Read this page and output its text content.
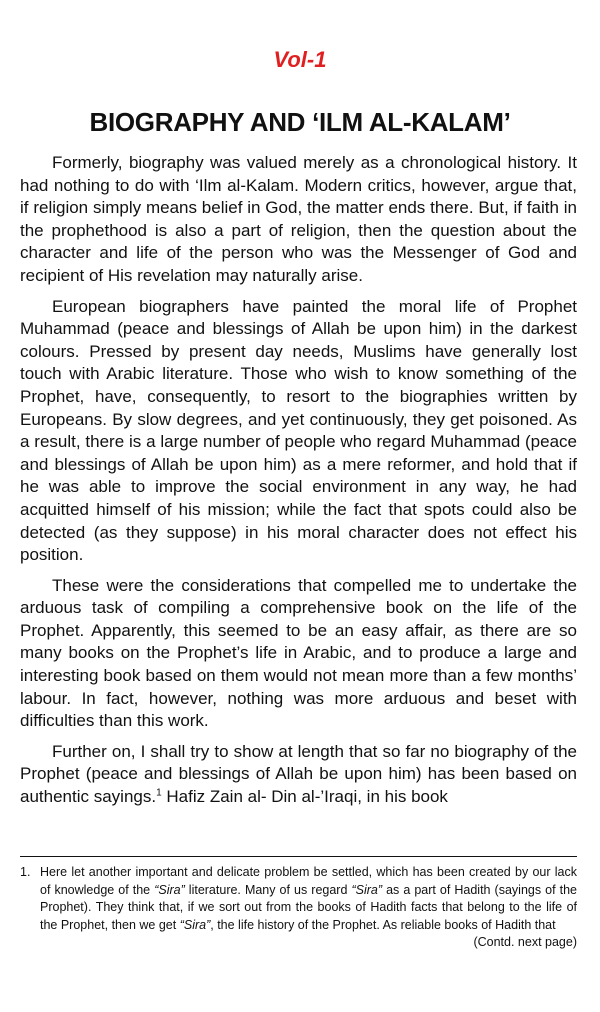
Vol-1
BIOGRAPHY AND ‘ILM AL-KALAM’

Formerly, biography was valued merely as a chronological history. It had nothing to do with ‘Ilm al-Kalam. Modern critics, however, argue that, if religion simply means belief in God, the matter ends there. But, if faith in the prophethood is also a part of religion, then the question about the character and life of the person who was the Messenger of God and recipient of His revelation may naturally arise.

European biographers have painted the moral life of Prophet Muhammad (peace and blessings of Allah be upon him) in the darkest colours. Pressed by present day needs, Muslims have generally lost touch with Arabic literature. Those who wish to know something of the Prophet, have, consequently, to resort to the biographies written by Europeans. By slow degrees, and yet continuously, they get poisoned. As a result, there is a large number of people who regard Muhammad (peace and blessings of Allah be upon him) as a mere reformer, and hold that if he was able to improve the social environment in any way, he had acquitted himself of his mission; while the fact that spots could also be detected (as they suppose) in his moral character does not effect his position.

These were the considerations that compelled me to undertake the arduous task of compiling a comprehensive book on the life of the Prophet. Apparently, this seemed to be an easy affair, as there are so many books on the Prophet’s life in Arabic, and to produce a large and interesting book based on them would not mean more than a few months’ labour. In fact, however, nothing was more arduous and beset with difficulties than this work.

Further on, I shall try to show at length that so far no biography of the Prophet (peace and blessings of Allah be upon him) has been based on authentic sayings.$^1$ Hafiz Zain al- Din al-’Iraqi, in his book

1. Here let another important and delicate problem be settled, which has been created by our lack of knowledge of the “Sira” literature. Many of us regard “Sira” as a part of Hadith (sayings of the Prophet). They think that, if we sort out from the books of Hadith facts that belong to the life of the Prophet, then we get “Sira”, the life history of the Prophet. As reliable books of Hadith that
(Contd. next page)
